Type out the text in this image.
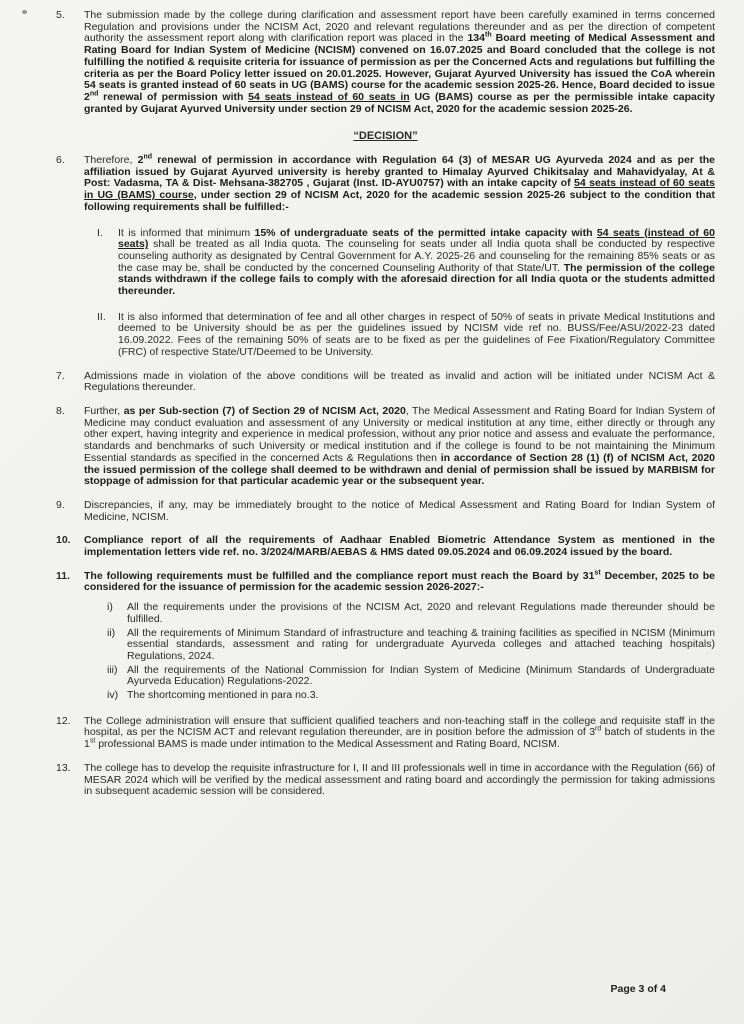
5.	The submission made by the college during clarification and assessment report have been carefully examined in terms concerned Regulation and provisions under the NCISM Act, 2020 and relevant regulations thereunder and as per the direction of competent authority the assessment report along with clarification report was placed in the 134th Board meeting of Medical Assessment and Rating Board for Indian System of Medicine (NCISM) convened on 16.07.2025 and Board concluded that the college is not fulfilling the notified & requisite criteria for issuance of permission as per the Concerned Acts and regulations but fulfilling the criteria as per the Board Policy letter issued on 20.01.2025. However, Gujarat Ayurved University has issued the CoA wherein 54 seats is granted instead of 60 seats in UG (BAMS) course for the academic session 2025-26. Hence, Board decided to issue 2nd renewal of permission with 54 seats instead of 60 seats in UG (BAMS) course as per the permissible intake capacity granted by Gujarat Ayurved University under section 29 of NCISM Act, 2020 for the academic session 2025-26.
“DECISION”
6.	Therefore, 2nd renewal of permission in accordance with Regulation 64 (3) of MESAR UG Ayurveda 2024 and as per the affiliation issued by Gujarat Ayurved university is hereby granted to Himalay Ayurved Chikitsalay and Mahavidyalay, At & Post: Vadasma, TA & Dist- Mehsana-382705 , Gujarat (Inst. ID-AYU0757) with an intake capcity of 54 seats instead of 60 seats in UG (BAMS) course, under section 29 of NCISM Act, 2020 for the academic session 2025-26 subject to the condition that following requirements shall be fulfilled:-
I.	It is informed that minimum 15% of undergraduate seats of the permitted intake capacity with 54 seats (instead of 60 seats) shall be treated as all India quota. The counseling for seats under all India quota shall be conducted by respective counseling authority as designated by Central Government for A.Y. 2025-26 and counseling for the remaining 85% seats or as the case may be, shall be conducted by the concerned Counseling Authority of that State/UT. The permission of the college stands withdrawn if the college fails to comply with the aforesaid direction for all India quota or the students admitted thereunder.
II.	It is also informed that determination of fee and all other charges in respect of 50% of seats in private Medical Institutions and deemed to be University should be as per the guidelines issued by NCISM vide ref no. BUSS/Fee/ASU/2022-23 dated 16.09.2022. Fees of the remaining 50% of seats are to be fixed as per the guidelines of Fee Fixation/Regulatory Committee (FRC) of respective State/UT/Deemed to be University.
7.	Admissions made in violation of the above conditions will be treated as invalid and action will be initiated under NCISM Act & Regulations thereunder.
8.	Further, as per Sub-section (7) of Section 29 of NCISM Act, 2020, The Medical Assessment and Rating Board for Indian System of Medicine may conduct evaluation and assessment of any University or medical institution at any time, either directly or through any other expert, having integrity and experience in medical profession, without any prior notice and assess and evaluate the performance, standards and benchmarks of such University or medical institution and if the college is found to be not maintaining the Minimum Essential standards as specified in the concerned Acts & Regulations then in accordance of Section 28 (1) (f) of NCISM Act, 2020 the issued permission of the college shall deemed to be withdrawn and denial of permission shall be issued by MARBISM for stoppage of admission for that particular academic year or the subsequent year.
9.	Discrepancies, if any, may be immediately brought to the notice of Medical Assessment and Rating Board for Indian System of Medicine, NCISM.
10.	Compliance report of all the requirements of Aadhaar Enabled Biometric Attendance System as mentioned in the implementation letters vide ref. no. 3/2024/MARB/AEBAS & HMS dated 09.05.2024 and 06.09.2024 issued by the board.
11.	The following requirements must be fulfilled and the compliance report must reach the Board by 31st December, 2025 to be considered for the issuance of permission for the academic session 2026-2027:-
i)	All the requirements under the provisions of the NCISM Act, 2020 and relevant Regulations made thereunder should be fulfilled.
ii)	All the requirements of Minimum Standard of infrastructure and teaching & training facilities as specified in NCISM (Minimum essential standards, assessment and rating for undergraduate Ayurveda colleges and attached teaching hospitals) Regulations, 2024.
iii) All the requirements of the National Commission for Indian System of Medicine (Minimum Standards of Undergraduate Ayurveda Education) Regulations-2022.
iv) The shortcoming mentioned in para no.3.
12.	The College administration will ensure that sufficient qualified teachers and non-teaching staff in the college and requisite staff in the hospital, as per the NCISM ACT and relevant regulation thereunder, are in position before the admission of 3rd batch of students in the 1st professional BAMS is made under intimation to the Medical Assessment and Rating Board, NCISM.
13.	The college has to develop the requisite infrastructure for I, II and III professionals well in time in accordance with the Regulation (66) of MESAR 2024 which will be verified by the medical assessment and rating board and accordingly the permission for taking admissions in subsequent academic session will be considered.
Page 3 of 4
